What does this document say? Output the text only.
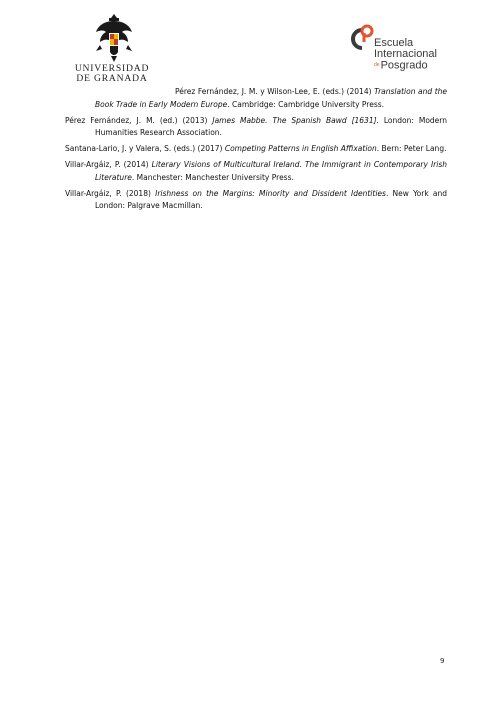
UNIVERSIDAD
DE GRANADA
Escuela
Internacional
dePosgrado

Pérez Fernández, J. M. y Wilson-Lee, E. (eds.) (2014) Translation and the Book Trade in Early Modern Europe. Cambridge: Cambridge University Press.

Pérez Fernández, J. M. (ed.) (2013) James Mabbe. The Spanish Bawd [1631]. London: Modern Humanities Research Association.

Santana-Lario, J. y Valera, S. (eds.) (2017) Competing Patterns in English Affixation. Bern: Peter Lang.

Villar-Argáiz, P. (2014) Literary Visions of Multicultural Ireland. The Immigrant in Contemporary Irish Literature. Manchester: Manchester University Press.

Villar-Argáiz, P. (2018) Irishness on the Margins: Minority and Dissident Identities. New York and London: Palgrave Macmillan.

9
